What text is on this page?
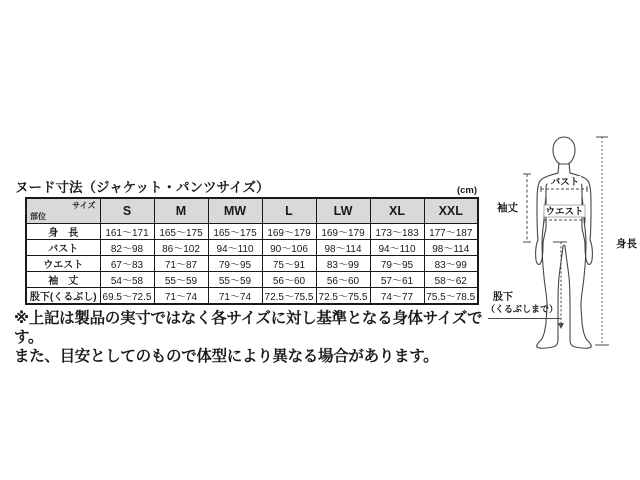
ヌード寸法（ジャケット・パンツサイズ）	(cm)
サイズ
部位	S	M	MW	L	LW	XL	XXL
身　長	161〜171	165〜175	165〜175	169〜179	169〜179	173〜183	177〜187
バスト	82〜98	86〜102	94〜110	90〜106	98〜114	94〜110	98〜114
ウエスト	67〜83	71〜87	79〜95	75〜91	83〜99	79〜95	83〜99
袖　丈	54〜58	55〜59	55〜59	56〜60	56〜60	57〜61	58〜62
股下(くるぶし)	69.5〜72.5	71〜74	71〜74	72.5〜75.5	72.5〜75.5	74〜77	75.5〜78.5
※上記は製品の実寸ではなく各サイズに対し基準となる身体サイズです。
また、目安としてのもので体型により異なる場合があります。
バスト
ウエスト
袖丈
身長
股下
（くるぶしまで）
